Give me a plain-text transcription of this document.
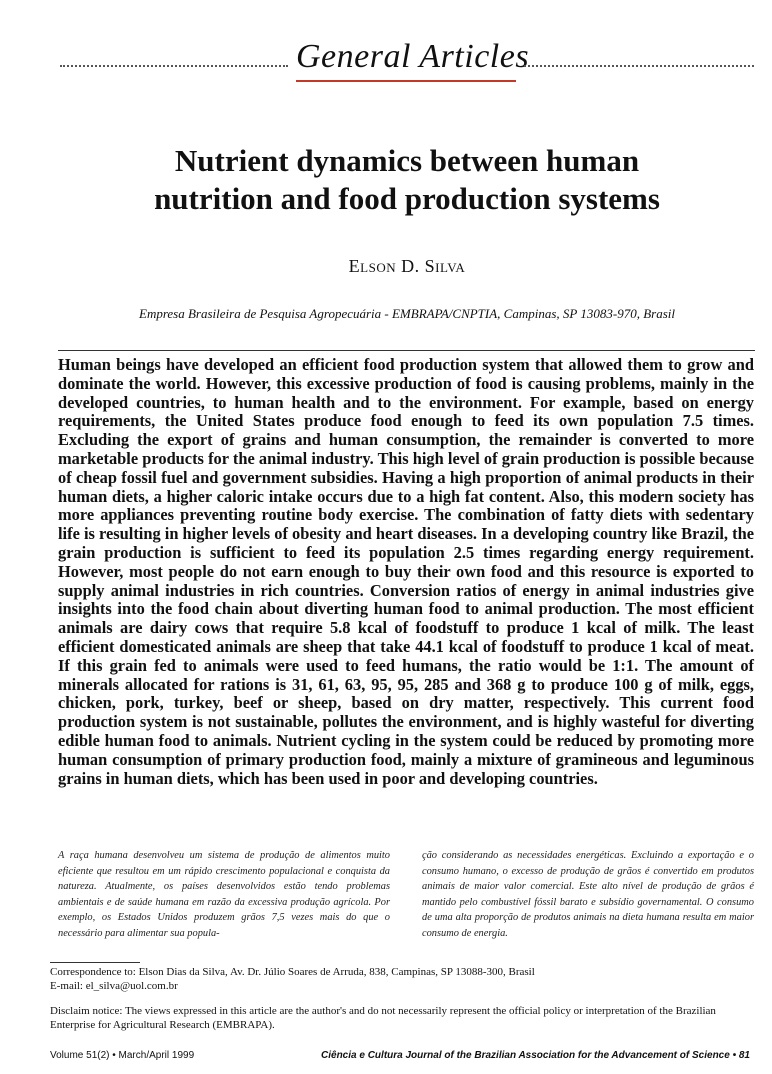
General Articles
Nutrient dynamics between human
nutrition and food production systems
Elson D. Silva
Empresa Brasileira de Pesquisa Agropecuária - EMBRAPA/CNPTIA, Campinas, SP 13083-970, Brasil

Human beings have developed an efficient food production system that allowed them to grow and dominate the world. However, this excessive production of food is causing problems, mainly in the developed countries, to human health and to the environment. For example, based on energy requirements, the United States produce food enough to feed its own population 7.5 times. Excluding the export of grains and human consumption, the remainder is converted to more marketable products for the animal industry. This high level of grain production is possible because of cheap fossil fuel and government subsidies. Having a high proportion of animal products in their human diets, a higher caloric intake occurs due to a high fat content. Also, this modern society has more appliances preventing routine body exercise. The combination of fatty diets with sedentary life is resulting in higher levels of obesity and heart diseases. In a developing country like Brazil, the grain production is sufficient to feed its population 2.5 times regarding energy requirement. However, most people do not earn enough to buy their own food and this resource is exported to supply animal industries in rich countries. Conversion ratios of energy in animal industries give insights into the food chain about diverting human food to animal production. The most efficient animals are dairy cows that require 5.8 kcal of foodstuff to produce 1 kcal of milk. The least efficient domesticated animals are sheep that take 44.1 kcal of foodstuff to produce 1 kcal of meat. If this grain fed to animals were used to feed humans, the ratio would be 1:1. The amount of minerals allocated for rations is 31, 61, 63, 95, 95, 285 and 368 g to produce 100 g of milk, eggs, chicken, pork, turkey, beef or sheep, based on dry matter, respectively. This current food production system is not sustainable, pollutes the environment, and is highly wasteful for diverting edible human food to animals. Nutrient cycling in the system could be reduced by promoting more human consumption of primary production food, mainly a mixture of gramineous and leguminous grains in human diets, which has been used in poor and developing countries.

A raça humana desenvolveu um sistema de produção de alimentos muito eficiente que resultou em um rápido crescimento populacional e conquista da natureza. Atualmente, os países desenvolvidos estão tendo problemas ambientais e de saúde humana em razão da excessiva produção agrícola. Por exemplo, os Estados Unidos produzem grãos 7,5 vezes mais do que o necessário para alimentar sua popula-

ção considerando as necessidades energéticas. Excluindo a exportação e o consumo humano, o excesso de produção de grãos é convertido em produtos animais de maior valor comercial. Este alto nível de produção de grãos é mantido pelo combustível fóssil barato e subsídio governamental. O consumo de uma alta proporção de produtos animais na dieta humana resulta em maior consumo de energia.

Correspondence to: Elson Dias da Silva, Av. Dr. Júlio Soares de Arruda, 838, Campinas, SP 13088-300, Brasil
E-mail: el_silva@uol.com.br

Disclaim notice: The views expressed in this article are the author's and do not necessarily represent the official policy or interpretation of the Brazilian Enterprise for Agricultural Research (EMBRAPA).

Volume 51(2) • March/April 1999	Ciência e Cultura Journal of the Brazilian Association for the Advancement of Science • 81
